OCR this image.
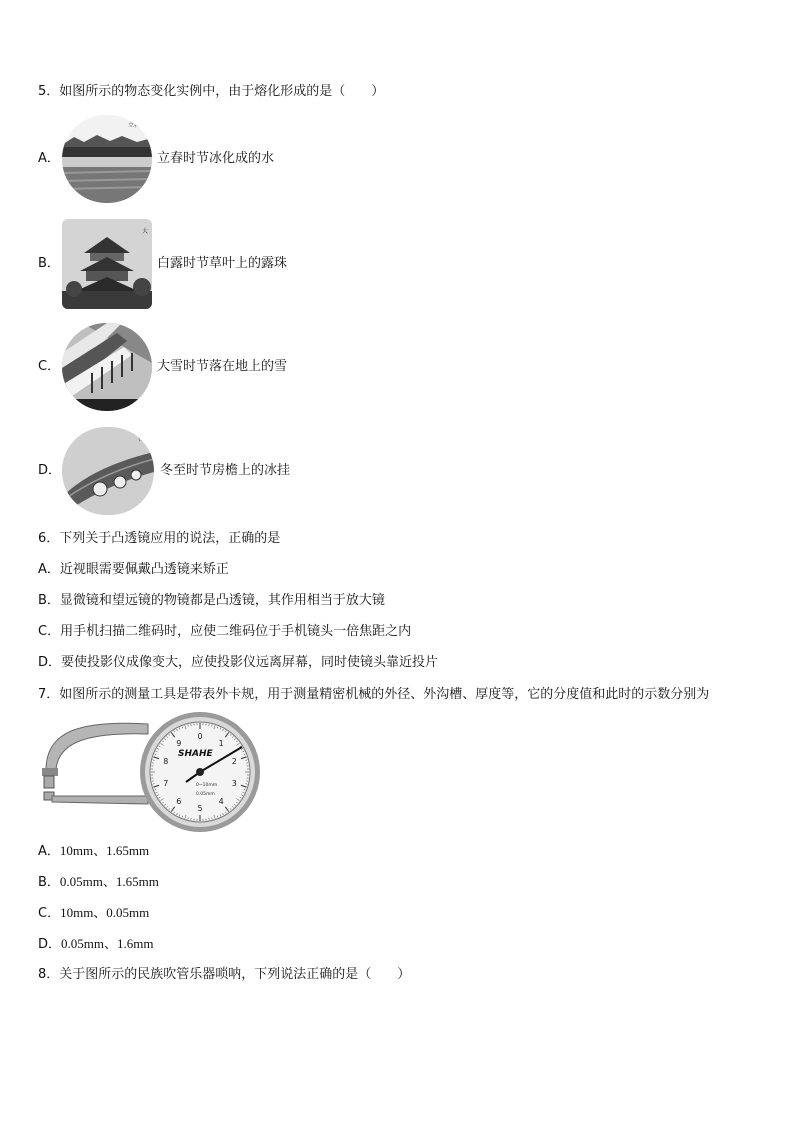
5．如图所示的物态变化实例中，由于熔化形成的是（　　）
A．
立春
立春时节冰化成的水
B．
大
白露时节草叶上的露珠
C．	大雪时节落在地上的雪
D．
白露
冬至时节房檐上的冰挂
6．下列关于凸透镜应用的说法，正确的是
A．近视眼需要佩戴凸透镜来矫正
B．显微镜和望远镜的物镜都是凸透镜，其作用相当于放大镜
C．用手机扫描二维码时，应使二维码位于手机镜头一倍焦距之内
D．要使投影仪成像变大，应使投影仪远离屏幕，同时使镜头靠近投片
7．如图所示的测量工具是带表外卡规，用于测量精密机械的外径、外沟槽、厚度等，它的分度值和此时的示数分别为
0
1
2
3
4
5
6
7
8
9
SHAHE
0~10mm
0.05mm
A．10mm、1.65mm
B．0.05mm、1.65mm
C．10mm、0.05mm
D．0.05mm、1.6mm
8．关于图所示的民族吹管乐器唢呐，下列说法正确的是（　　）
